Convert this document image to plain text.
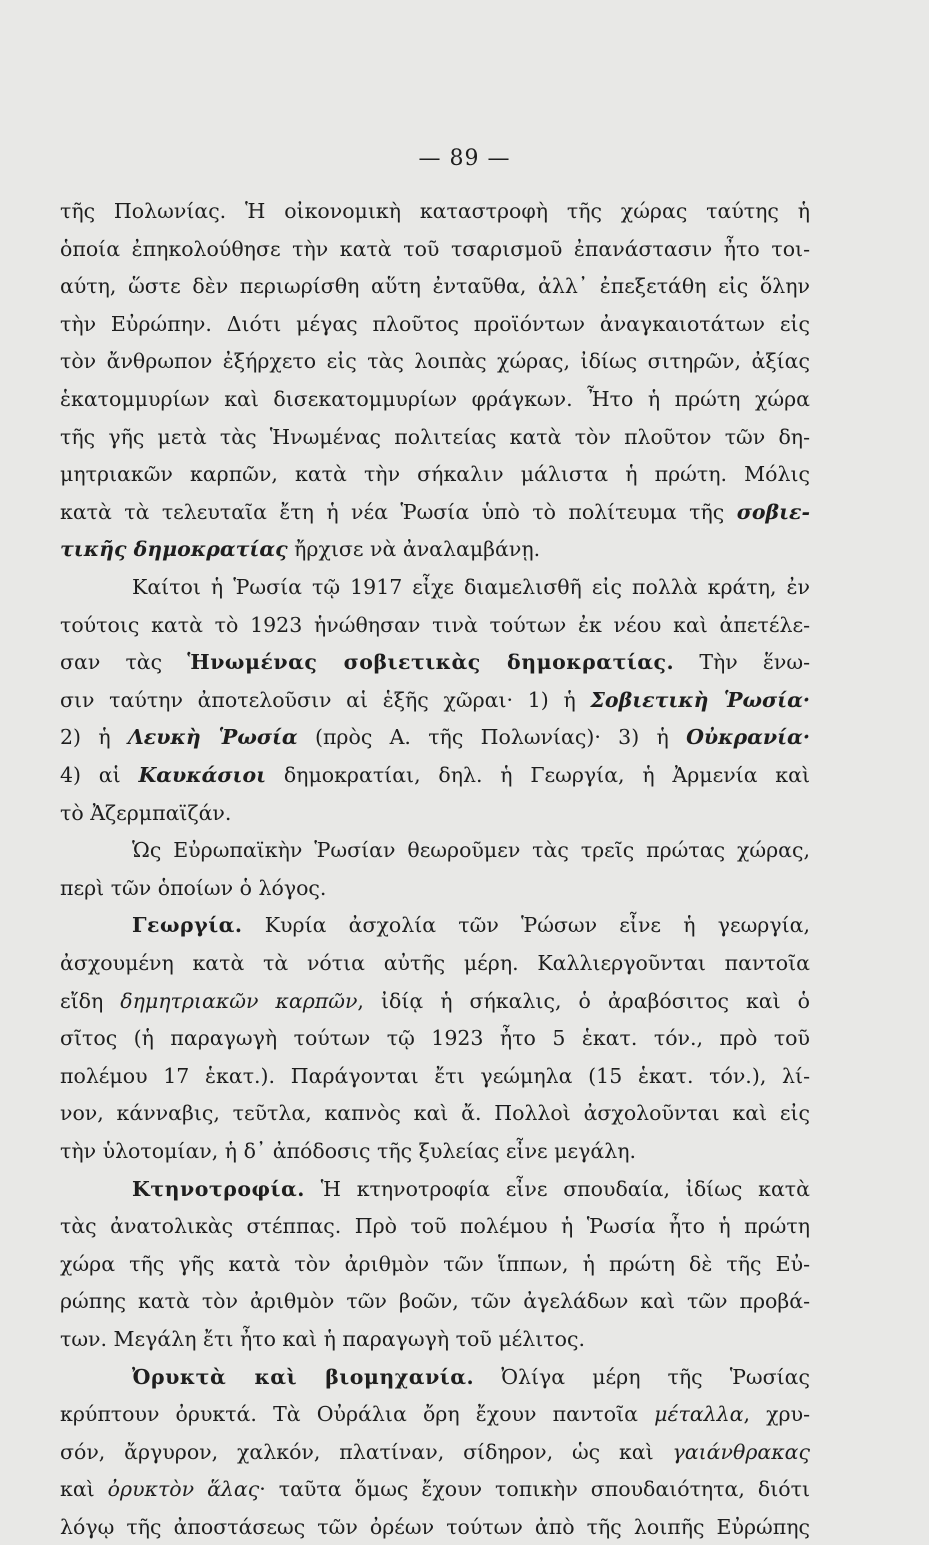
— 89 —
τῆς Πολωνίας. Ἡ οἰκονομικὴ καταστροφὴ τῆς χώρας ταύτης ἡ
ὁποία ἐπηκολούθησε τὴν κατὰ τοῦ τσαρισμοῦ ἐπανάστασιν ἦτο τοι-
αύτη, ὥστε δὲν περιωρίσθη αὕτη ἐνταῦθα, ἀλλ᾽ ἐπεξετάθη εἰς ὅλην
τὴν Εὐρώπην. Διότι μέγας πλοῦτος προϊόντων ἀναγκαιοτάτων εἰς
τὸν ἄνθρωπον ἐξήρχετο εἰς τὰς λοιπὰς χώρας, ἰδίως σιτηρῶν, ἀξίας
ἑκατομμυρίων καὶ δισεκατομμυρίων φράγκων. Ἦτο ἡ πρώτη χώρα
τῆς γῆς μετὰ τὰς Ἡνωμένας πολιτείας κατὰ τὸν πλοῦτον τῶν δη-
μητριακῶν καρπῶν, κατὰ τὴν σήκαλιν μάλιστα ἡ πρώτη. Μόλις
κατὰ τὰ τελευταῖα ἔτη ἡ νέα Ῥωσία ὑπὸ τὸ πολίτευμα τῆς σοβιε-
τικῆς δημοκρατίας ἤρχισε νὰ ἀναλαμβάνῃ.
Καίτοι ἡ Ῥωσία τῷ 1917 εἶχε διαμελισθῆ εἰς πολλὰ κράτη, ἐν
τούτοις κατὰ τὸ 1923 ἡνώθησαν τινὰ τούτων ἐκ νέου καὶ ἀπετέλε-
σαν τὰς Ἡνωμένας σοβιετικὰς δημοκρατίας. Τὴν ἕνω-
σιν ταύτην ἀποτελοῦσιν αἱ ἑξῆς χῶραι· 1) ἡ Σοβιετικὴ Ῥωσία·
2) ἡ Λευκὴ Ῥωσία (πρὸς Α. τῆς Πολωνίας)· 3) ἡ Οὐκρανία·
4) αἱ Καυκάσιοι δημοκρατίαι, δηλ. ἡ Γεωργία, ἡ Ἀρμενία καὶ
τὸ Ἀζερμπαϊζάν.
Ὡς Εὐρωπαϊκὴν Ῥωσίαν θεωροῦμεν τὰς τρεῖς πρώτας χώρας,
περὶ τῶν ὁποίων ὁ λόγος.
Γεωργία. Κυρία ἀσχολία τῶν Ῥώσων εἶνε ἡ γεωργία,
ἀσχουμένη κατὰ τὰ νότια αὐτῆς μέρη. Καλλιεργοῦνται παντοῖα
εἴδη δημητριακῶν καρπῶν, ἰδίᾳ ἡ σήκαλις, ὁ ἀραβόσιτος καὶ ὁ
σῖτος (ἡ παραγωγὴ τούτων τῷ 1923 ἦτο 5 ἑκατ. τόν., πρὸ τοῦ
πολέμου 17 ἑκατ.). Παράγονται ἔτι γεώμηλα (15 ἑκατ. τόν.), λί-
νον, κάνναβις, τεῦτλα, καπνὸς καὶ ἄ. Πολλοὶ ἀσχολοῦνται καὶ εἰς
τὴν ὑλοτομίαν, ἡ δ᾽ ἀπόδοσις τῆς ξυλείας εἶνε μεγάλη.
Κτηνοτροφία. Ἡ κτηνοτροφία εἶνε σπουδαία, ἰδίως κατὰ
τὰς ἀνατολικὰς στέππας. Πρὸ τοῦ πολέμου ἡ Ῥωσία ἦτο ἡ πρώτη
χώρα τῆς γῆς κατὰ τὸν ἀριθμὸν τῶν ἵππων, ἡ πρώτη δὲ τῆς Εὐ-
ρώπης κατὰ τὸν ἀριθμὸν τῶν βοῶν, τῶν ἀγελάδων καὶ τῶν προβά-
των. Μεγάλη ἔτι ἦτο καὶ ἡ παραγωγὴ τοῦ μέλιτος.
Ὀρυκτὰ καὶ βιομηχανία. Ὀλίγα μέρη τῆς Ῥωσίας
κρύπτουν ὀρυκτά. Τὰ Οὐράλια ὄρη ἔχουν παντοῖα μέταλλα, χρυ-
σόν, ἄργυρον, χαλκόν, πλατίναν, σίδηρον, ὡς καὶ γαιάνθρακας
καὶ ὀρυκτὸν ἅλας· ταῦτα ὅμως ἔχουν τοπικὴν σπουδαιότητα, διότι
λόγῳ τῆς ἀποστάσεως τῶν ὀρέων τούτων ἀπὸ τῆς λοιπῆς Εὐρώπης
